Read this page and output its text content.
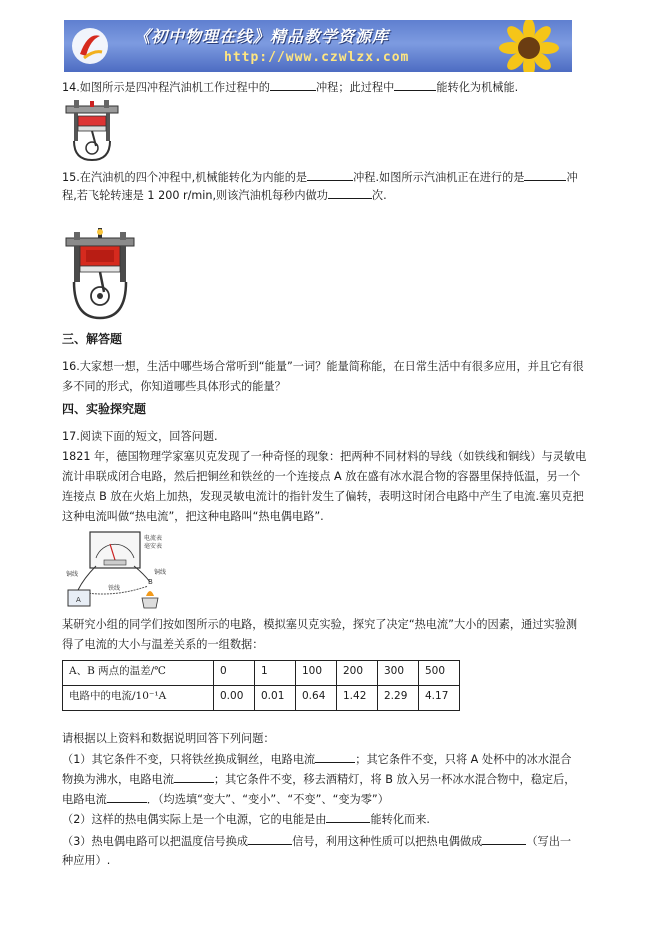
《初中物理在线》精品教学资源库
http://www.czwlzx.com

14.如图所示是四冲程汽油机工作过程中的	冲程；此过程中	能转化为机械能.

15.在汽油机的四个冲程中,机械能转化为内能的是	冲程.如图所示汽油机正在进行的是	冲

程,若飞轮转速是 1 200 r/min,则该汽油机每秒内做功	次.

三、解答题

16.大家想一想，生活中哪些场合常听到“能量”一词？能量简称能，在日常生活中有很多应用，并且它有很

多不同的形式，你知道哪些具体形式的能量？

四、实验探究题

17.阅读下面的短文，回答问题.

1821 年，德国物理学家塞贝克发现了一种奇怪的现象：把两种不同材料的导线（如铁线和铜线）与灵敏电

流计串联成闭合电路，然后把铜丝和铁丝的一个连接点 A 放在盛有冰水混合物的容器里保持低温，另一个

连接点 B 放在火焰上加热，发现灵敏电流计的指针发生了偏转，表明这时闭合电路中产生了电流.塞贝克把

这种电流叫做“热电流”，把这种电路叫“热电偶电路”.

电流表
毫安表
铜线
铁线
铜线
A
B

某研究小组的同学们按如图所示的电路，模拟塞贝克实验，探究了决定“热电流”大小的因素，通过实验测

得了电流的大小与温差关系的一组数据：

A、B 两点的温差/℃	0	1	100	200	300	500
电路中的电流/10⁻¹A	0.00	0.01	0.64	1.42	2.29	4.17

请根据以上资料和数据说明回答下列问题：

（1）其它条件不变，只将铁丝换成铜丝，电路电流	；其它条件不变，只将 A 处杯中的冰水混合

物换为沸水，电路电流	；其它条件不变，移去酒精灯，将 B 放入另一杯冰水混合物中，稳定后，

电路电流	．（均选填“变大”、“变小”、“不变”、“变为零”）

（2）这样的热电偶实际上是一个电源，它的电能是由	能转化而来.

（3）热电偶电路可以把温度信号换成	信号，利用这种性质可以把热电偶做成	（写出一

种应用）.
